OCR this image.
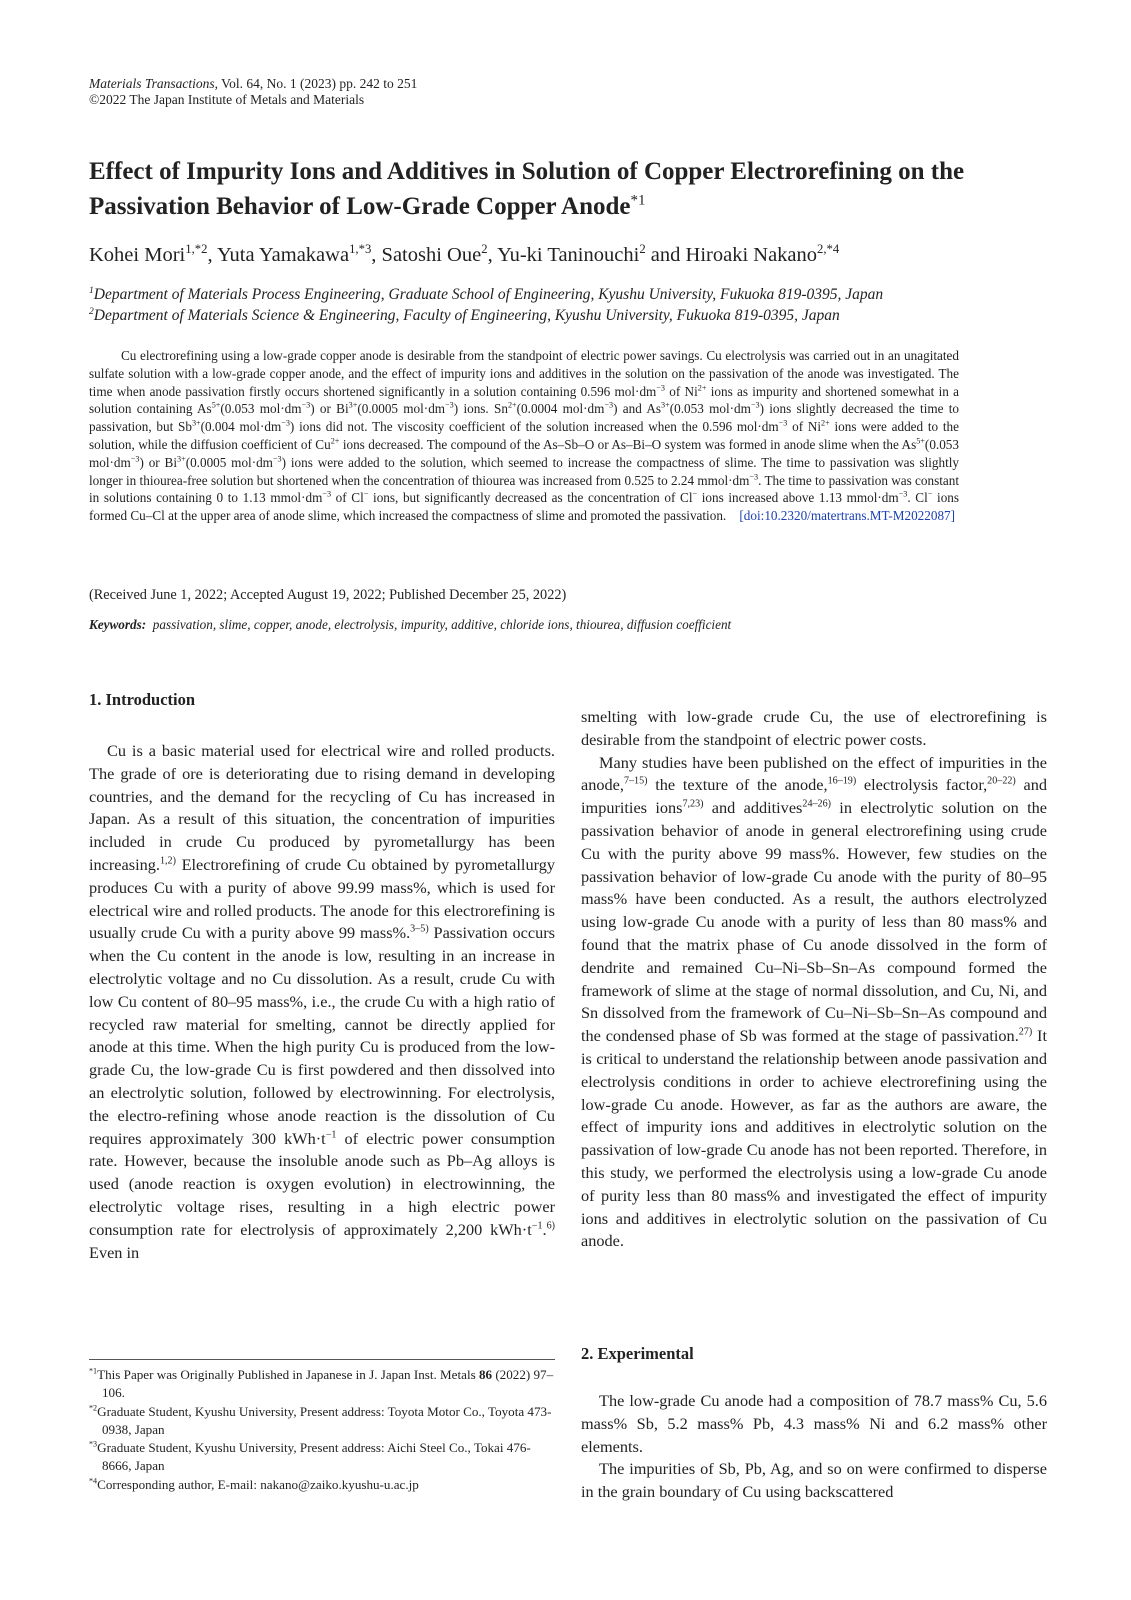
Materials Transactions, Vol. 64, No. 1 (2023) pp. 242 to 251
©2022 The Japan Institute of Metals and Materials
Effect of Impurity Ions and Additives in Solution of Copper Electrorefining on the Passivation Behavior of Low-Grade Copper Anode$^{*1}$
Kohei Mori$^{1,*2}$, Yuta Yamakawa$^{1,*3}$, Satoshi Oue$^2$, Yu-ki Taninouchi$^2$ and Hiroaki Nakano$^{2,*4}$
$^1$Department of Materials Process Engineering, Graduate School of Engineering, Kyushu University, Fukuoka 819-0395, Japan
$^2$Department of Materials Science & Engineering, Faculty of Engineering, Kyushu University, Fukuoka 819-0395, Japan
Cu electrorefining using a low-grade copper anode is desirable from the standpoint of electric power savings. Cu electrolysis was carried out in an unagitated sulfate solution with a low-grade copper anode, and the effect of impurity ions and additives in the solution on the passivation of the anode was investigated. The time when anode passivation firstly occurs shortened significantly in a solution containing 0.596 $mol\cdot dm^{-3}$ of $Ni^{2+}$ ions as impurity and shortened somewhat in a solution containing $As^{5+}(0.053$ $mol\cdot dm^{-3}$) or $Bi^{3+}(0.0005$ $mol\cdot dm^{-3}$) ions. $Sn^{2+}(0.0004$ $mol\cdot dm^{-3}$) and $As^{3+}(0.053$ $mol\cdot dm^{-3}$) ions slightly decreased the time to passivation, but $Sb^{3+}(0.004$ $mol\cdot dm^{-3}$) ions did not. The viscosity coefficient of the solution increased when the 0.596 $mol\cdot dm^{-3}$ of $Ni^{2+}$ ions were added to the solution, while the diffusion coefficient of $Cu^{2+}$ ions decreased. The compound of the As–Sb–O or As–Bi–O system was formed in anode slime when the $As^{5+}(0.053$ $mol\cdot dm^{-3}$) or $Bi^{3+}(0.0005$ $mol\cdot dm^{-3}$) ions were added to the solution, which seemed to increase the compactness of slime. The time to passivation was slightly longer in thiourea-free solution but shortened when the concentration of thiourea was increased from 0.525 to 2.24 $mmol\cdot dm^{-3}$. The time to passivation was constant in solutions containing 0 to 1.13 $mmol\cdot dm^{-3}$ of Cl− ions, but significantly decreased as the concentration of Cl− ions increased above 1.13 $mmol\cdot dm^{-3}$. Cl− ions formed Cu–Cl at the upper area of anode slime, which increased the compactness of slime and promoted the passivation. [doi:10.2320/matertrans.MT-M2022087]
(Received June 1, 2022; Accepted August 19, 2022; Published December 25, 2022)
Keywords: passivation, slime, copper, anode, electrolysis, impurity, additive, chloride ions, thiourea, diffusion coefficient
1. Introduction

Cu is a basic material used for electrical wire and rolled products. The grade of ore is deteriorating due to rising demand in developing countries, and the demand for the recycling of Cu has increased in Japan. As a result of this situation, the concentration of impurities included in crude Cu produced by pyrometallurgy has been increasing.$^{1,2)}$ Electrorefining of crude Cu obtained by pyrometallurgy produces Cu with a purity of above 99.99 mass%, which is used for electrical wire and rolled products. The anode for this electrorefining is usually crude Cu with a purity above 99 mass%.$^{3-5)}$ Passivation occurs when the Cu content in the anode is low, resulting in an increase in electrolytic voltage and no Cu dissolution. As a result, crude Cu with low Cu content of 80–95 mass%, i.e., the crude Cu with a high ratio of recycled raw material for smelting, cannot be directly applied for anode at this time. When the high purity Cu is produced from the low-grade Cu, the low-grade Cu is first powdered and then dissolved into an electrolytic solution, followed by electrowinning. For electrolysis, the electro-refining whose anode reaction is the dissolution of Cu requires approximately 300 $kWh\cdot t^{-1}$ of electric power consumption rate. However, because the insoluble anode such as Pb–Ag alloys is used (anode reaction is oxygen evolution) in electrowinning, the electrolytic voltage rises, resulting in a high electric power consumption rate for electrolysis of approximately 2,200 $kWh\cdot t^{-1}.^{6)}$ Even in

$^{*1}$This Paper was Originally Published in Japanese in J. Japan Inst. Metals 86 (2022) 97–106.

$^{*2}$Graduate Student, Kyushu University, Present address: Toyota Motor Co., Toyota 473-0938, Japan

$^{*3}$Graduate Student, Kyushu University, Present address: Aichi Steel Co., Tokai 476-8666, Japan

$^{*4}$Corresponding author, E-mail: nakano@zaiko.kyushu-u.ac.jp

smelting with low-grade crude Cu, the use of electrorefining is desirable from the standpoint of electric power costs.

Many studies have been published on the effect of impurities in the anode,$^{7-15)}$ the texture of the anode,$^{16-19)}$ electrolysis factor,$^{20-22)}$ and impurities ions$^{7,23)}$ and additives$^{24-26)}$ in electrolytic solution on the passivation behavior of anode in general electrorefining using crude Cu with the purity above 99 mass%. However, few studies on the passivation behavior of low-grade Cu anode with the purity of 80–95 mass% have been conducted. As a result, the authors electrolyzed using low-grade Cu anode with a purity of less than 80 mass% and found that the matrix phase of Cu anode dissolved in the form of dendrite and remained Cu–Ni–Sb–Sn–As compound formed the framework of slime at the stage of normal dissolution, and Cu, Ni, and Sn dissolved from the framework of Cu–Ni–Sb–Sn–As compound and the condensed phase of Sb was formed at the stage of passivation.$^{27)}$ It is critical to understand the relationship between anode passivation and electrolysis conditions in order to achieve electrorefining using the low-grade Cu anode. However, as far as the authors are aware, the effect of impurity ions and additives in electrolytic solution on the passivation of low-grade Cu anode has not been reported. Therefore, in this study, we performed the electrolysis using a low-grade Cu anode of purity less than 80 mass% and investigated the effect of impurity ions and additives in electrolytic solution on the passivation of Cu anode.

2. Experimental

The low-grade Cu anode had a composition of 78.7 mass% Cu, 5.6 mass% Sb, 5.2 mass% Pb, 4.3 mass% Ni and 6.2 mass% other elements.

The impurities of Sb, Pb, Ag, and so on were confirmed to disperse in the grain boundary of Cu using backscattered
